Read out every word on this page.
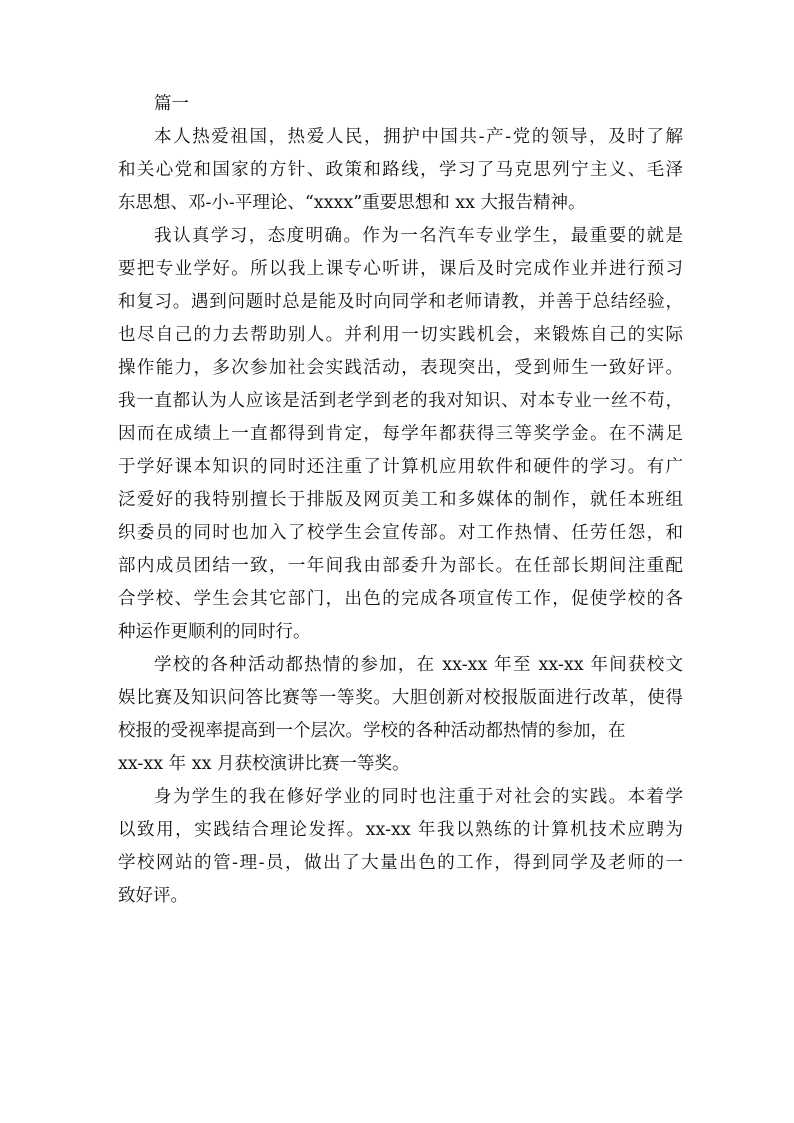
篇一
本人热爱祖国，热爱人民，拥护中国共-产-党的领导，及时了解
和关心党和国家的方针、政策和路线，学习了马克思列宁主义、毛泽
东思想、邓-小-平理论、“xxxx”重要思想和 xx 大报告精神。
我认真学习，态度明确。作为一名汽车专业学生，最重要的就是
要把专业学好。所以我上课专心听讲，课后及时完成作业并进行预习
和复习。遇到问题时总是能及时向同学和老师请教，并善于总结经验，
也尽自己的力去帮助别人。并利用一切实践机会，来锻炼自己的实际
操作能力，多次参加社会实践活动，表现突出，受到师生一致好评。
我一直都认为人应该是活到老学到老的我对知识、对本专业一丝不苟，
因而在成绩上一直都得到肯定，每学年都获得三等奖学金。在不满足
于学好课本知识的同时还注重了计算机应用软件和硬件的学习。有广
泛爱好的我特别擅长于排版及网页美工和多媒体的制作，就任本班组
织委员的同时也加入了校学生会宣传部。对工作热情、任劳任怨，和
部内成员团结一致，一年间我由部委升为部长。在任部长期间注重配
合学校、学生会其它部门，出色的完成各项宣传工作，促使学校的各
种运作更顺利的同时行。
学校的各种活动都热情的参加，在 xx-xx 年至 xx-xx 年间获校文
娱比赛及知识问答比赛等一等奖。大胆创新对校报版面进行改革，使得
校报的受视率提高到一个层次。学校的各种活动都热情的参加，在
xx-xx 年 xx 月获校演讲比赛一等奖。
身为学生的我在修好学业的同时也注重于对社会的实践。本着学
以致用，实践结合理论发挥。xx-xx 年我以熟练的计算机技术应聘为
学校网站的管-理-员，做出了大量出色的工作，得到同学及老师的一
致好评。
